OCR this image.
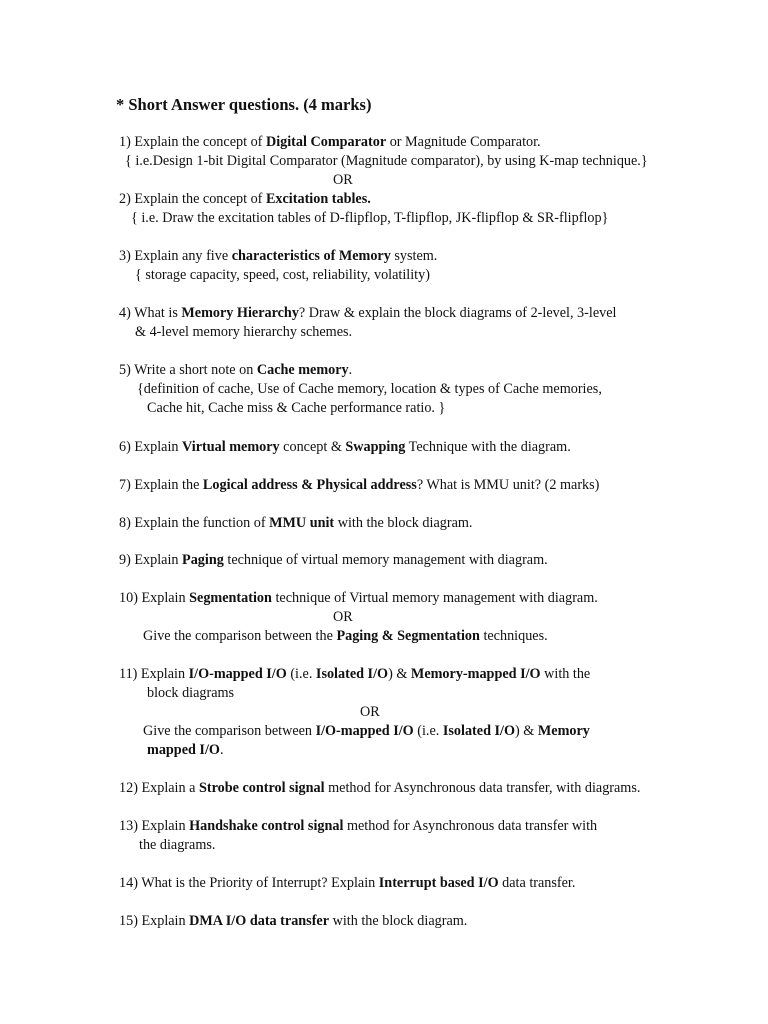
* Short Answer questions. (4 marks)
1) Explain the concept of Digital Comparator or Magnitude Comparator.
{ i.e.Design 1-bit Digital Comparator (Magnitude comparator), by using K-map technique.}
OR
2) Explain the concept of Excitation tables.
{ i.e. Draw the excitation tables of D-flipflop, T-flipflop, JK-flipflop & SR-flipflop}
3) Explain any five characteristics of Memory system.
{ storage capacity, speed, cost, reliability, volatility)
4) What is Memory Hierarchy? Draw & explain the block diagrams of 2-level, 3-level
& 4-level memory hierarchy schemes.
5) Write a short note on Cache memory.
{definition of cache, Use of Cache memory, location & types of Cache memories,
Cache hit, Cache miss & Cache performance ratio. }
6) Explain Virtual memory concept & Swapping Technique with the diagram.
7) Explain the Logical address & Physical address? What is MMU unit? (2 marks)
8) Explain the function of MMU unit with the block diagram.
9) Explain Paging technique of virtual memory management with diagram.
10) Explain Segmentation technique of Virtual memory management with diagram.
OR
Give the comparison between the Paging & Segmentation techniques.
11) Explain I/O-mapped I/O (i.e. Isolated I/O) & Memory-mapped I/O with the
block diagrams
OR
Give the comparison between I/O-mapped I/O (i.e. Isolated I/O) & Memory
mapped I/O.
12) Explain a Strobe control signal method for Asynchronous data transfer, with diagrams.
13) Explain Handshake control signal method for Asynchronous data transfer with
the diagrams.
14) What is the Priority of Interrupt? Explain Interrupt based I/O data transfer.
15) Explain DMA I/O data transfer with the block diagram.
